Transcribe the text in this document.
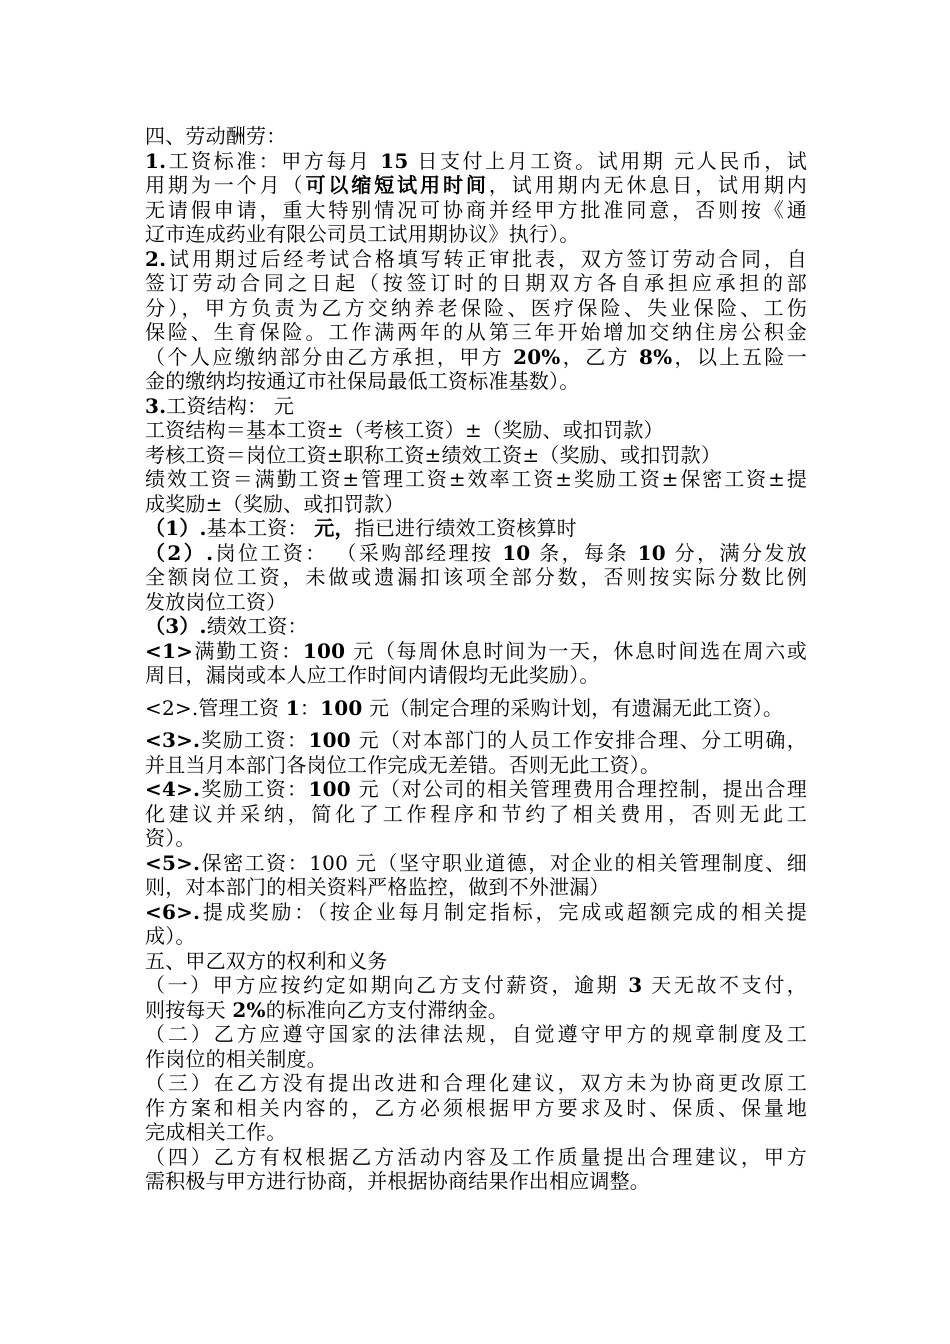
四、劳动酬劳：
1.工资标准：甲方每月 15 日支付上月工资。试用期 元人民币，试
用期为一个月（可以缩短试用时间，试用期内无休息日，试用期内
无请假申请，重大特别情况可协商并经甲方批准同意，否则按《通
辽市连成药业有限公司员工试用期协议》执行）。
2.试用期过后经考试合格填写转正审批表，双方签订劳动合同，自
签订劳动合同之日起（按签订时的日期双方各自承担应承担的部
分），甲方负责为乙方交纳养老保险、医疗保险、失业保险、工伤
保险、生育保险。工作满两年的从第三年开始增加交纳住房公积金
（个人应缴纳部分由乙方承担，甲方 20%，乙方 8%，以上五险一
金的缴纳均按通辽市社保局最低工资标准基数）。
3.工资结构： 元
工资结构＝基本工资±（考核工资）±（奖励、或扣罚款）
考核工资＝岗位工资±职称工资±绩效工资±（奖励、或扣罚款）
绩效工资＝满勤工资±管理工资±效率工资±奖励工资±保密工资±提
成奖励±（奖励、或扣罚款）
（1）.基本工资： 元，指已进行绩效工资核算时
（2）.岗位工资： （采购部经理按 10 条，每条 10 分，满分发放
全额岗位工资，未做或遗漏扣该项全部分数，否则按实际分数比例
发放岗位工资）
（3）.绩效工资：
<1>满勤工资：100 元（每周休息时间为一天，休息时间选在周六或
周日，漏岗或本人应工作时间内请假均无此奖励）。
<2>.管理工资 1：100 元（制定合理的采购计划，有遗漏无此工资）。
<3>.奖励工资：100 元（对本部门的人员工作安排合理、分工明确，
并且当月本部门各岗位工作完成无差错。否则无此工资）。
<4>.奖励工资：100 元（对公司的相关管理费用合理控制，提出合理
化建议并采纳，简化了工作程序和节约了相关费用，否则无此工
资）。
<5>.保密工资：100 元（坚守职业道德，对企业的相关管理制度、细
则，对本部门的相关资料严格监控，做到不外泄漏）
<6>.提成奖励：（按企业每月制定指标，完成或超额完成的相关提
成）。
五、甲乙双方的权利和义务
（一）甲方应按约定如期向乙方支付薪资，逾期 3 天无故不支付，
则按每天 2%的标准向乙方支付滞纳金。
（二）乙方应遵守国家的法律法规，自觉遵守甲方的规章制度及工
作岗位的相关制度。
（三）在乙方没有提出改进和合理化建议，双方未为协商更改原工
作方案和相关内容的，乙方必须根据甲方要求及时、保质、保量地
完成相关工作。
（四）乙方有权根据乙方活动内容及工作质量提出合理建议，甲方
需积极与甲方进行协商，并根据协商结果作出相应调整。
